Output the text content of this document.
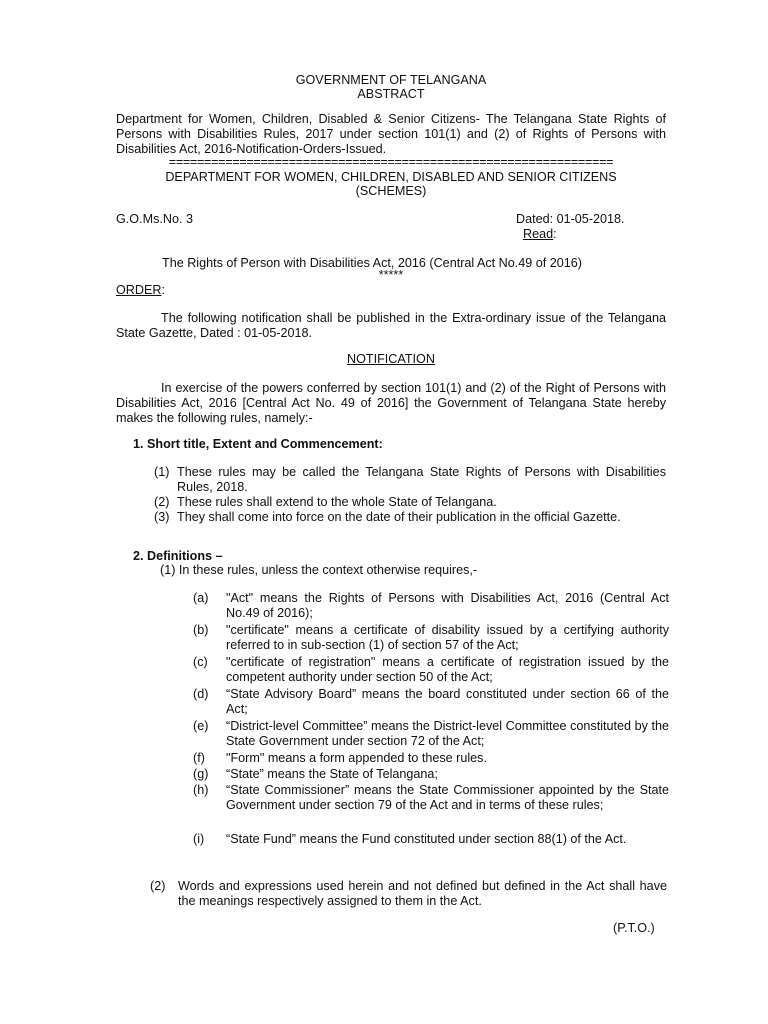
GOVERNMENT OF TELANGANA

ABSTRACT

Department for Women, Children, Disabled & Senior Citizens- The Telangana State Rights of Persons with Disabilities Rules, 2017 under section 101(1) and (2) of Rights of Persons with Disabilities Act, 2016-Notification-Orders-Issued.

===============================================================

DEPARTMENT FOR WOMEN, CHILDREN, DISABLED AND SENIOR CITIZENS

(SCHEMES)

G.O.Ms.No. 3	Dated: 01-05-2018.

Read:

The Rights of Person with Disabilities Act, 2016 (Central Act No.49 of 2016)

*****

ORDER:

The following notification shall be published in the Extra-ordinary issue of the Telangana State Gazette, Dated : 01-05-2018.

NOTIFICATION

In exercise of the powers conferred by section 101(1) and (2) of the Right of Persons with Disabilities Act, 2016 [Central Act No. 49 of 2016] the Government of Telangana State hereby makes the following rules, namely:-

1. Short title, Extent and Commencement:

(1) These rules may be called the Telangana State Rights of Persons with Disabilities Rules, 2018.

(2) These rules shall extend to the whole State of Telangana.

(3) They shall come into force on the date of their publication in the official Gazette.

2. Definitions –

(1) In these rules, unless the context otherwise requires,-

(a) "Act" means the Rights of Persons with Disabilities Act, 2016 (Central Act No.49 of 2016);

(b) "certificate" means a certificate of disability issued by a certifying authority referred to in sub-section (1) of section 57 of the Act;

(c) "certificate of registration" means a certificate of registration issued by the competent authority under section 50 of the Act;

(d) “State Advisory Board” means the board constituted under section 66 of the Act;

(e) “District-level Committee” means the District-level Committee constituted by the State Government under section 72 of the Act;

(f) "Form" means a form appended to these rules.

(g) “State” means the State of Telangana;

(h) “State Commissioner” means the State Commissioner appointed by the State Government under section 79 of the Act and in terms of these rules;

(i) “State Fund” means the Fund constituted under section 88(1) of the Act.

(2) Words and expressions used herein and not defined but defined in the Act shall have the meanings respectively assigned to them in the Act.

(P.T.O.)
